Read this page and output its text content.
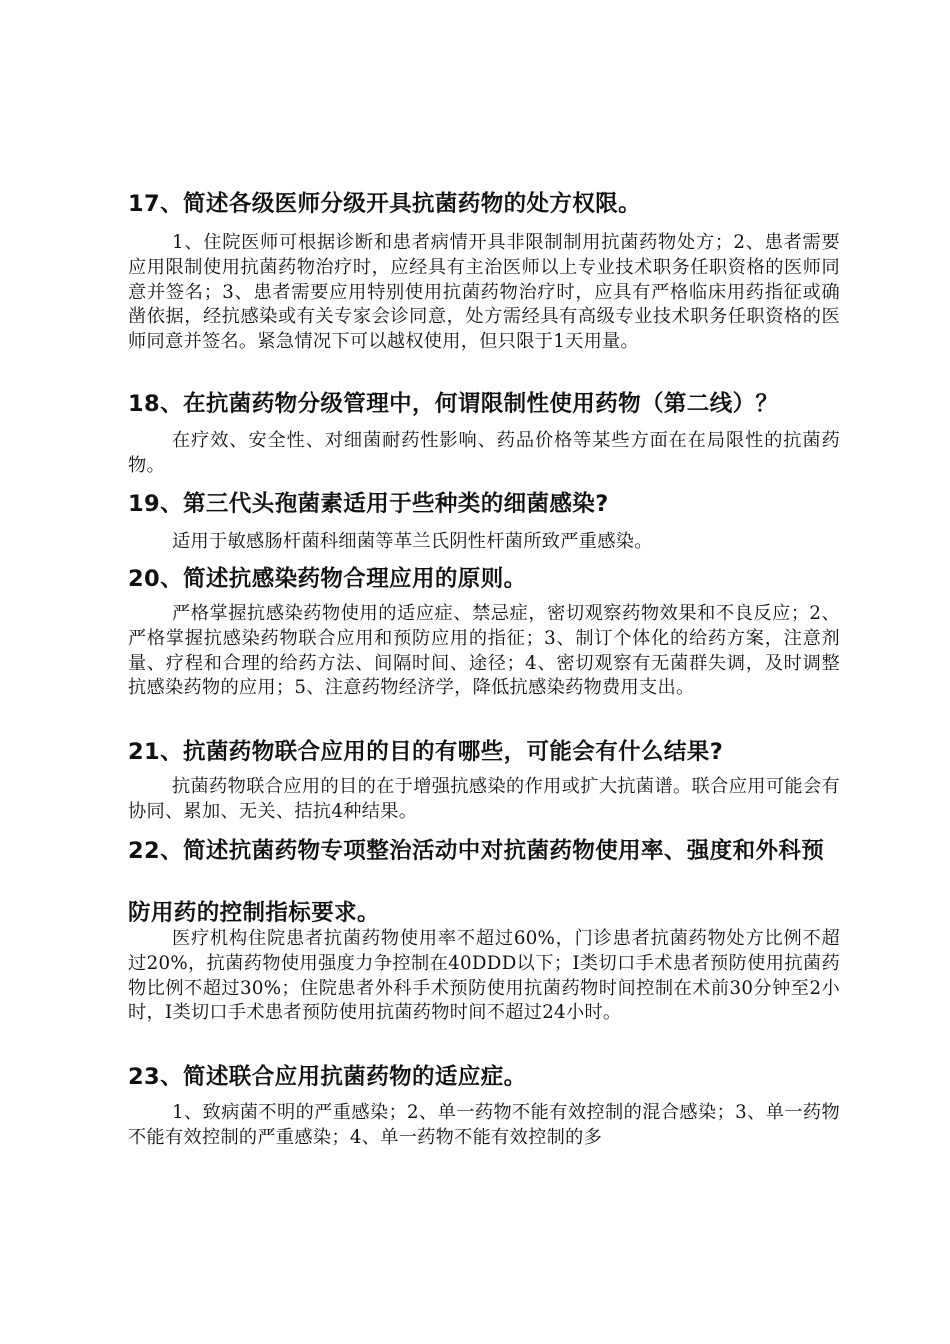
17、简述各级医师分级开具抗菌药物的处方权限。
1、住院医师可根据诊断和患者病情开具非限制制用抗菌药物处方；2、患者需要应用限制使用抗菌药物治疗时，应经具有主治医师以上专业技术职务任职资格的医师同意并签名；3、患者需要应用特别使用抗菌药物治疗时，应具有严格临床用药指征或确凿依据，经抗感染或有关专家会诊同意，处方需经具有高级专业技术职务任职资格的医师同意并签名。紧急情况下可以越权使用，但只限于1天用量。
18、在抗菌药物分级管理中，何谓限制性使用药物（第二线）？
在疗效、安全性、对细菌耐药性影响、药品价格等某些方面在在局限性的抗菌药物。
19、第三代头孢菌素适用于些种类的细菌感染?
适用于敏感肠杆菌科细菌等革兰氏阴性杆菌所致严重感染。
20、简述抗感染药物合理应用的原则。
严格掌握抗感染药物使用的适应症、禁忌症，密切观察药物效果和不良反应；2、严格掌握抗感染药物联合应用和预防应用的指征；3、制订个体化的给药方案，注意剂量、疗程和合理的给药方法、间隔时间、途径；4、密切观察有无菌群失调，及时调整抗感染药物的应用；5、注意药物经济学，降低抗感染药物费用支出。
21、抗菌药物联合应用的目的有哪些，可能会有什么结果?
抗菌药物联合应用的目的在于增强抗感染的作用或扩大抗菌谱。联合应用可能会有协同、累加、无关、拮抗4种结果。
22、简述抗菌药物专项整治活动中对抗菌药物使用率、强度和外科预防用药的控制指标要求。
医疗机构住院患者抗菌药物使用率不超过60%，门诊患者抗菌药物处方比例不超过20%，抗菌药物使用强度力争控制在40DDD以下；I类切口手术患者预防使用抗菌药物比例不超过30%；住院患者外科手术预防使用抗菌药物时间控制在术前30分钟至2小时，I类切口手术患者预防使用抗菌药物时间不超过24小时。
23、简述联合应用抗菌药物的适应症。
1、致病菌不明的严重感染；2、单一药物不能有效控制的混合感染；3、单一药物不能有效控制的严重感染；4、单一药物不能有效控制的多
